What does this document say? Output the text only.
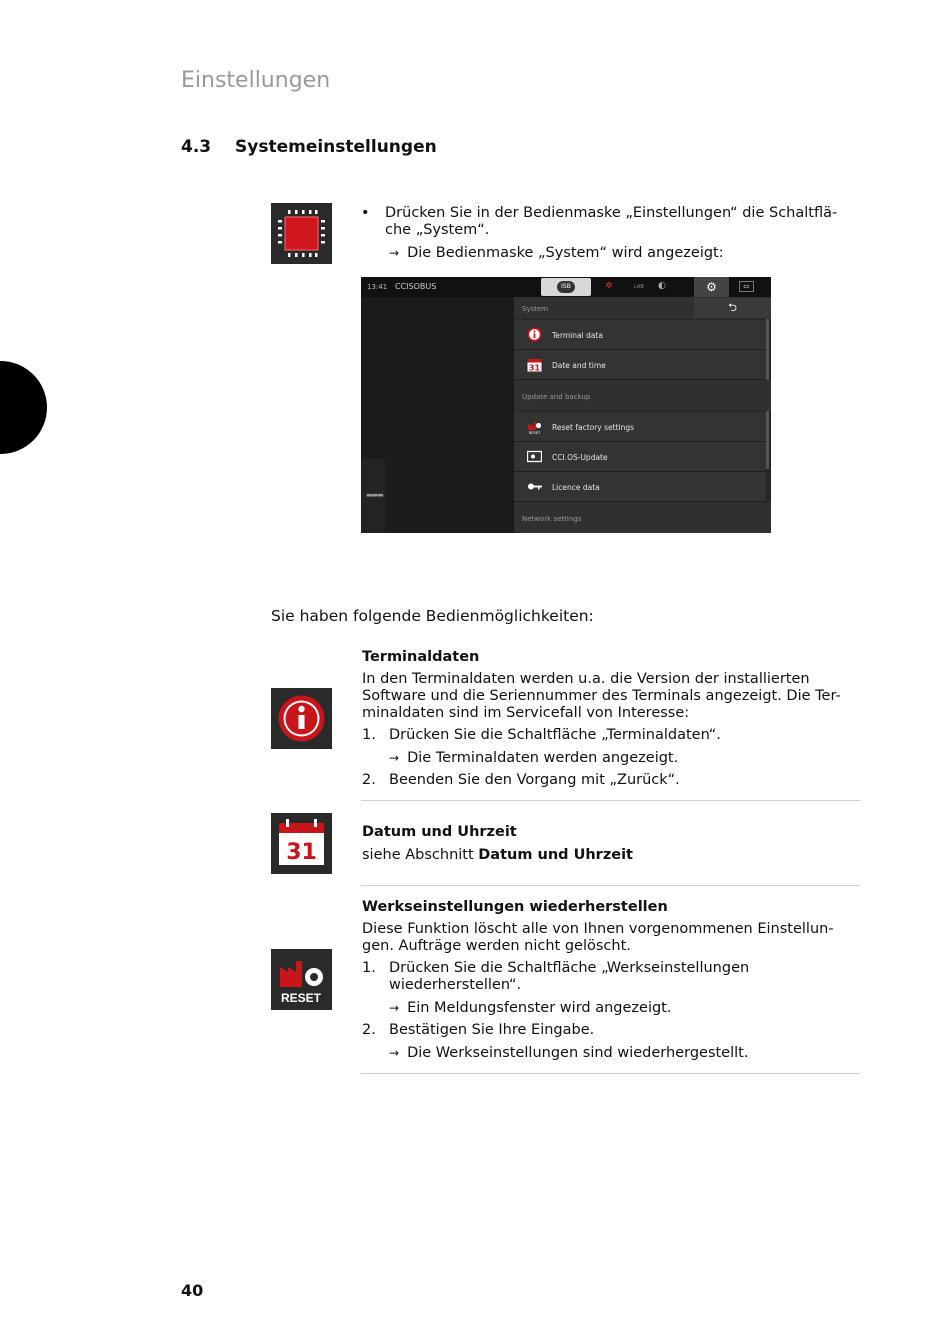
Einstellungen
4.3 Systemeinstellungen
• Drücken Sie in der Bedienmaske „Einstellungen“ die Schaltflä-
che „System“.
→ Die Bedienmaske „System“ wird angezeigt:
13:41 CCISOBUS	ISB	✲	LAB ◐	⚙	⇔
▬▬▬
System	⮌
Terminal data
31 Date and time
Update and backup
RESET
Reset factory settings
CCI.OS-Update
Licence data
Network settings
Sie haben folgende Bedienmöglichkeiten:
Terminaldaten
In den Terminaldaten werden u.a. die Version der installierten
Software und die Seriennummer des Terminals angezeigt. Die Ter-
minaldaten sind im Servicefall von Interesse:
1. Drücken Sie die Schaltfläche „Terminaldaten“.
→ Die Terminaldaten werden angezeigt.
2. Beenden Sie den Vorgang mit „Zurück“.
31
Datum und Uhrzeit
siehe Abschnitt Datum und Uhrzeit
RESET
Werkseinstellungen wiederherstellen
Diese Funktion löscht alle von Ihnen vorgenommenen Einstellun-
gen. Aufträge werden nicht gelöscht.
1. Drücken Sie die Schaltfläche „Werkseinstellungen
wiederherstellen“.
→ Ein Meldungsfenster wird angezeigt.
2. Bestätigen Sie Ihre Eingabe.
→ Die Werkseinstellungen sind wiederhergestellt.
40
